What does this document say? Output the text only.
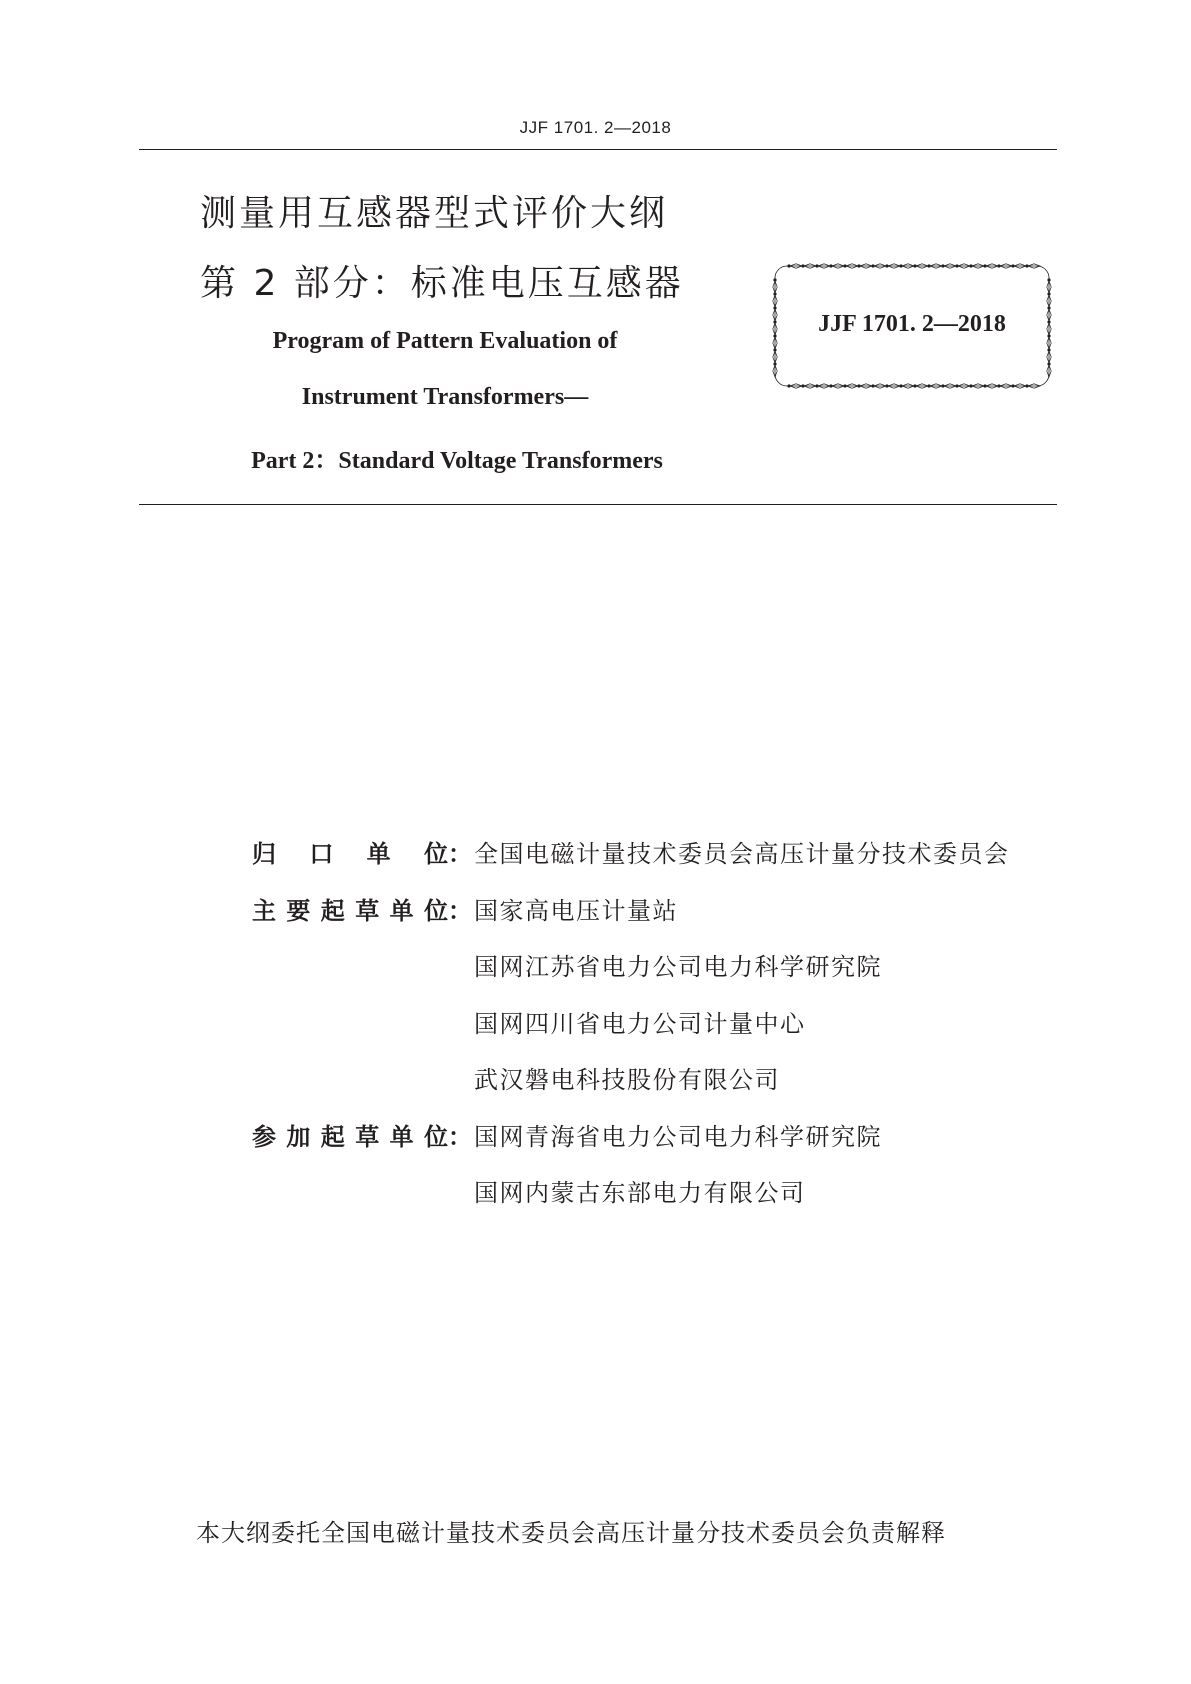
JJF 1701. 2—2018
测量用互感器型式评价大纲
第 2 部分：标准电压互感器
Program of Pattern Evaluation of
Instrument Transformers—
Part 2：Standard Voltage Transformers
JJF 1701. 2—2018
归口单位 ： 全国电磁计量技术委员会高压计量分技术委员会
主要起草单位 ： 国家高电压计量站
国网江苏省电力公司电力科学研究院
国网四川省电力公司计量中心
武汉磐电科技股份有限公司
参加起草单位 ： 国网青海省电力公司电力科学研究院
国网内蒙古东部电力有限公司
本大纲委托全国电磁计量技术委员会高压计量分技术委员会负责解释
